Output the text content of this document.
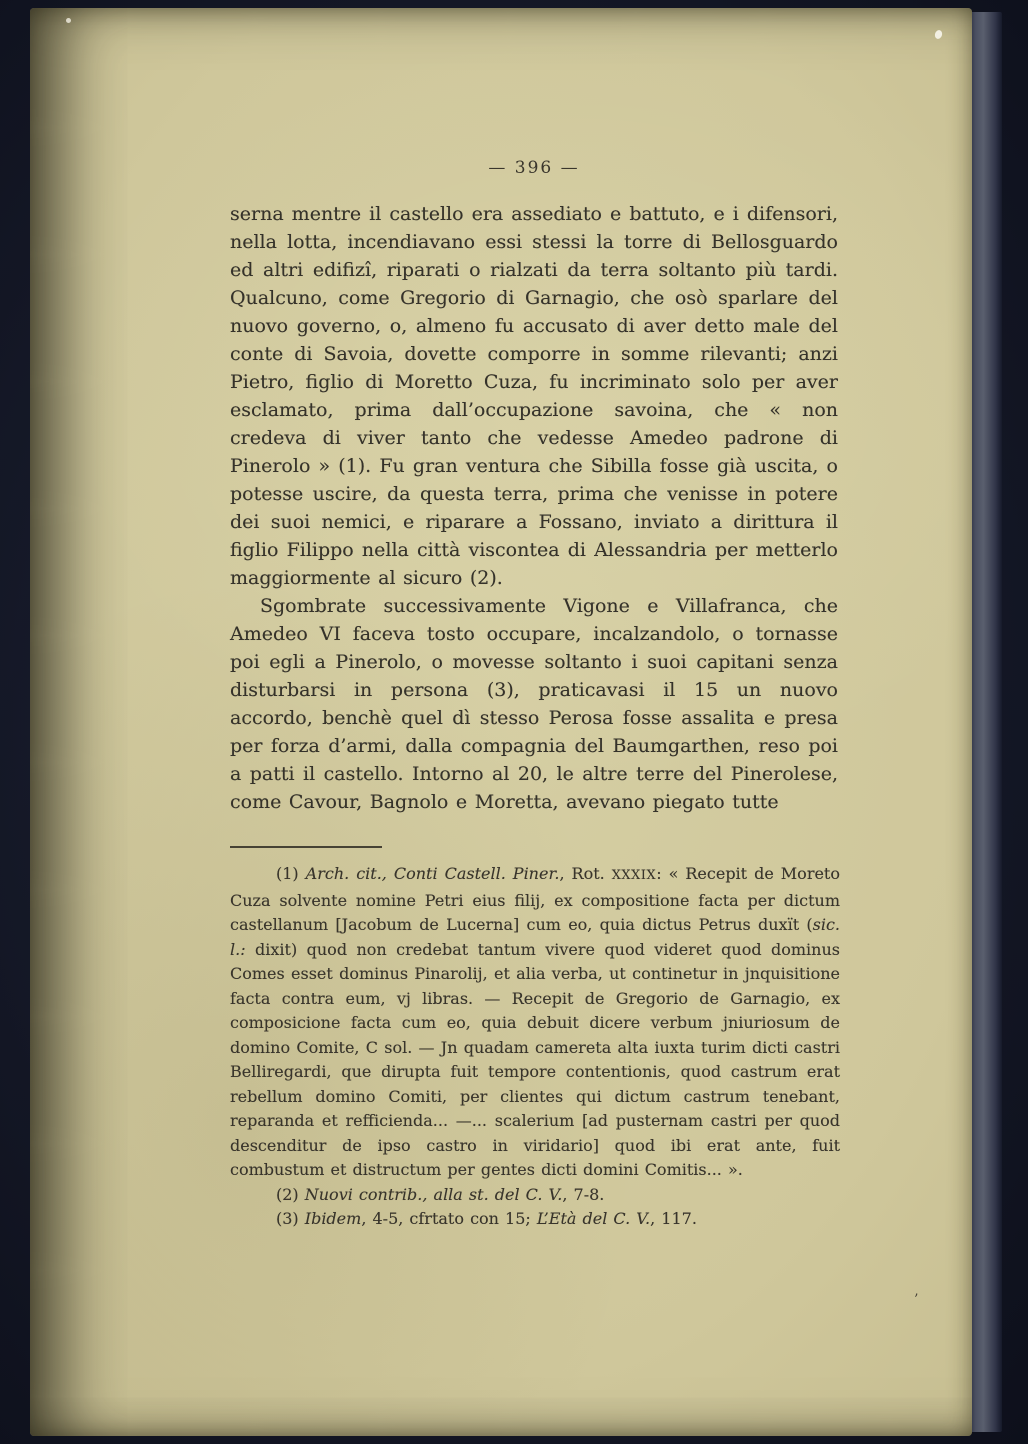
’
— 396 —

serna mentre il castello era assediato e battuto, e i difensori, nella lotta, incendiavano essi stessi la torre di Bellosguardo ed altri edifizî, riparati o rialzati da terra soltanto più tardi. Qualcuno, come Gregorio di Garnagio, che osò sparlare del nuovo governo, o, almeno fu accusato di aver detto male del conte di Savoia, dovette comporre in somme rilevanti; anzi Pietro, figlio di Moretto Cuza, fu incriminato solo per aver esclamato, prima dall’occupazione savoina, che « non credeva di viver tanto che vedesse Amedeo padrone di Pinerolo » (1). Fu gran ventura che Sibilla fosse già uscita, o potesse uscire, da questa terra, prima che venisse in potere dei suoi nemici, e riparare a Fossano, inviato a dirittura il figlio Filippo nella città viscontea di Alessandria per metterlo maggiormente al sicuro (2).

Sgombrate successivamente Vigone e Villafranca, che Amedeo VI faceva tosto occupare, incalzandolo, o tornasse poi egli a Pinerolo, o movesse soltanto i suoi capitani senza disturbarsi in persona (3), praticavasi il 15 un nuovo accordo, benchè quel dì stesso Perosa fosse assalita e presa per forza d’armi, dalla compagnia del Baumgarthen, reso poi a patti il castello. Intorno al 20, le altre terre del Pinerolese, come Cavour, Bagnolo e Moretta, avevano piegato tutte

(1) Arch. cit., Conti Castell. Piner., Rot. XXXIX: « Recepit de Moreto Cuza solvente nomine Petri eius filij, ex compositione facta per dictum castellanum [Jacobum de Lucerna] cum eo, quia dictus Petrus duxït (sic. l.: dixit) quod non credebat tantum vivere quod videret quod dominus Comes esset dominus Pinarolij, et alia verba, ut continetur in jnquisitione facta contra eum, vj libras. — Recepit de Gregorio de Garnagio, ex composicione facta cum eo, quia debuit dicere verbum jniuriosum de domino Comite, C sol. — Jn quadam camereta alta iuxta turim dicti castri Belliregardi, que dirupta fuit tempore contentionis, quod castrum erat rebellum domino Comiti, per clientes qui dictum castrum tenebant, reparanda et refficienda... —... scalerium [ad pusternam castri per quod descenditur de ipso castro in viridario] quod ibi erat ante, fuit combustum et distructum per gentes dicti domini Comitis... ».

(2) Nuovi contrib., alla st. del C. V., 7-8.

(3) Ibidem, 4-5, cfrtato con 15; L’Età del C. V., 117.
